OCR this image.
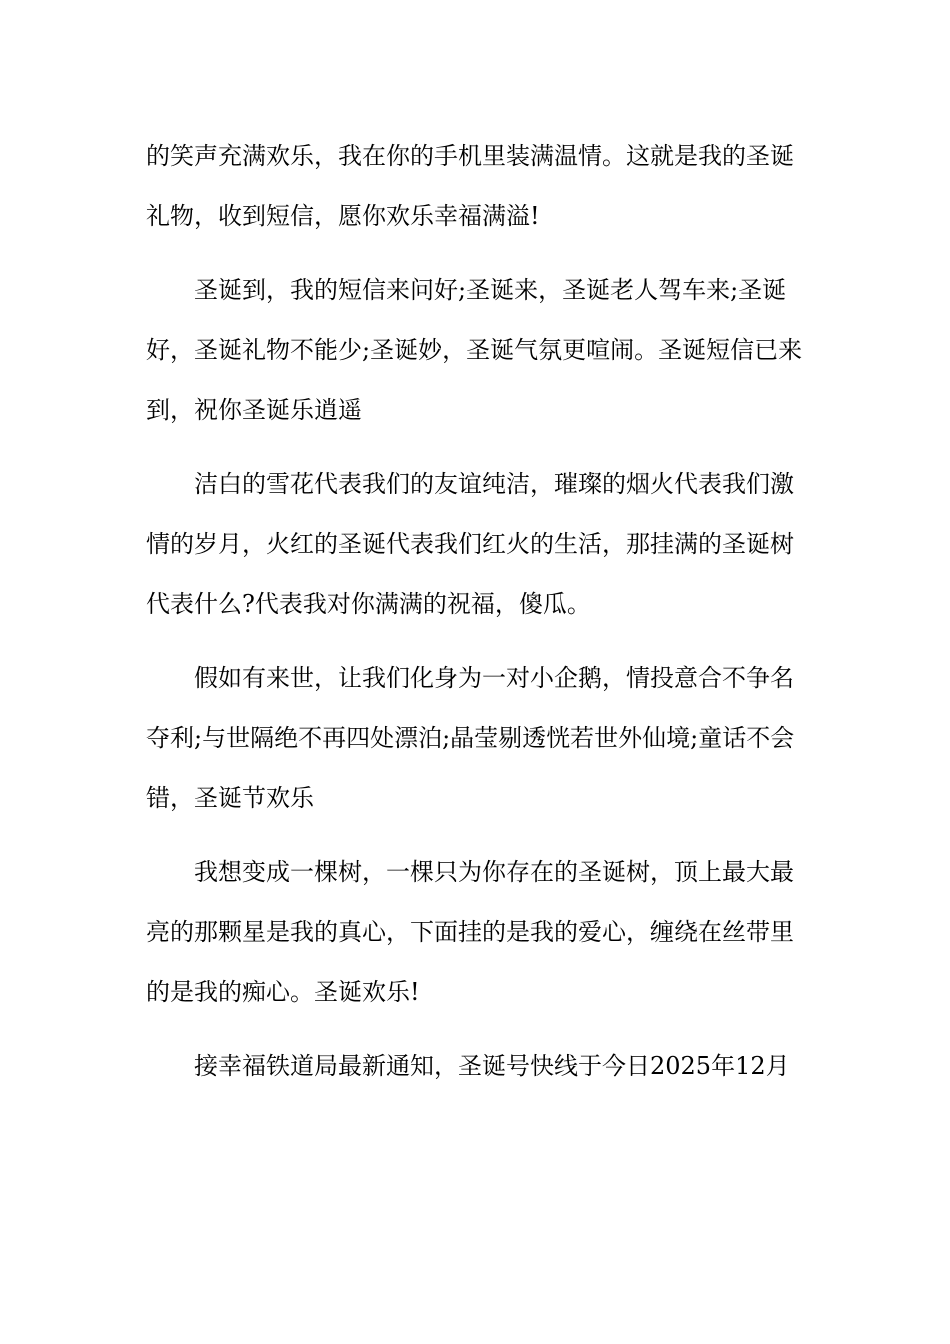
的笑声充满欢乐，我在你的手机里装满温情。这就是我的圣诞
礼物，收到短信，愿你欢乐幸福满溢!
圣诞到，我的短信来问好;圣诞来，圣诞老人驾车来;圣诞
好，圣诞礼物不能少;圣诞妙，圣诞气氛更喧闹。圣诞短信已来
到，祝你圣诞乐逍遥
洁白的雪花代表我们的友谊纯洁，璀璨的烟火代表我们激
情的岁月，火红的圣诞代表我们红火的生活，那挂满的圣诞树
代表什么?代表我对你满满的祝福，傻瓜。
假如有来世，让我们化身为一对小企鹅，情投意合不争名
夺利;与世隔绝不再四处漂泊;晶莹剔透恍若世外仙境;童话不会
错，圣诞节欢乐
我想变成一棵树，一棵只为你存在的圣诞树，顶上最大最
亮的那颗星是我的真心，下面挂的是我的爱心，缠绕在丝带里
的是我的痴心。圣诞欢乐!
接幸福铁道局最新通知，圣诞号快线于今日2025年12月
